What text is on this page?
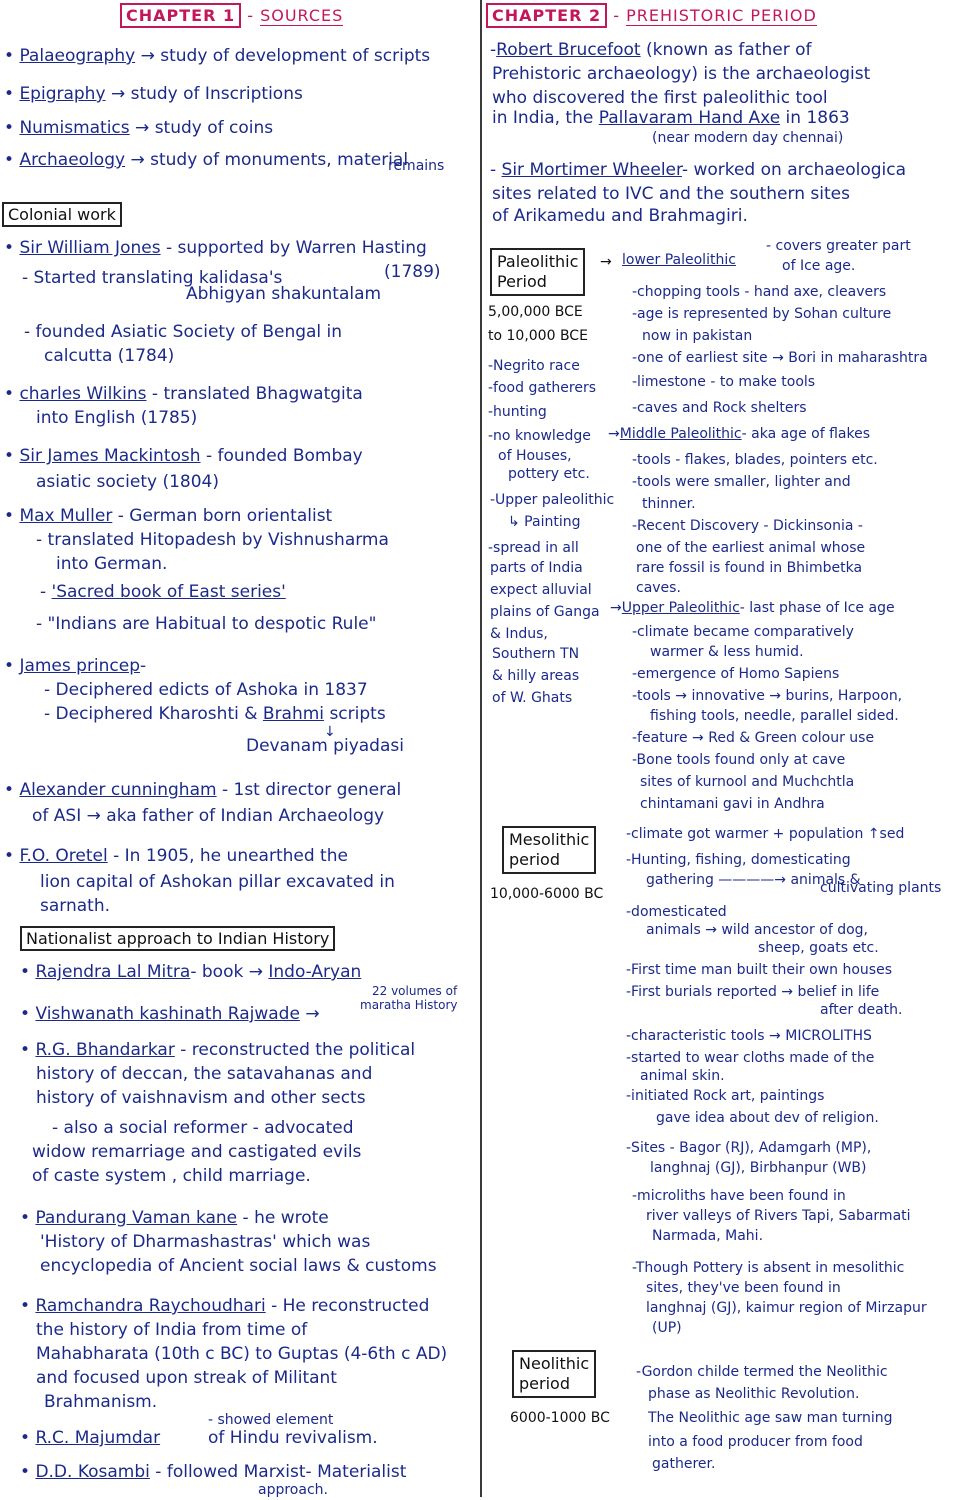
CHAPTER 1 - SOURCES
• Palaeography → study of development of scripts
• Epigraphy → study of Inscriptions
• Numismatics → study of coins
• Archaeology → study of monuments, material
remains
Colonial work
• Sir William Jones - supported by Warren Hasting
- Started translating kalidasa's	(1789)
Abhigyan shakuntalam
- founded Asiatic Society of Bengal in
calcutta (1784)
• charles Wilkins - translated Bhagwatgita
into English (1785)
• Sir James Mackintosh - founded Bombay
asiatic society (1804)
• Max Muller - German born orientalist
- translated Hitopadesh by Vishnusharma
into German.
- 'Sacred book of East series'
- "Indians are Habitual to despotic Rule"
• James princep-
- Deciphered edicts of Ashoka in 1837
- Deciphered Kharoshti & Brahmi scripts
↓
Devanam piyadasi
• Alexander cunningham - 1st director general
of ASI → aka father of Indian Archaeology
• F.O. Oretel - In 1905, he unearthed the
lion capital of Ashokan pillar excavated in
sarnath.
Nationalist approach to Indian History
• Rajendra Lal Mitra- book → Indo-Aryan
• Vishwanath kashinath Rajwade →
22 volumes of
maratha History
• R.G. Bhandarkar - reconstructed the political
history of deccan, the satavahanas and
history of vaishnavism and other sects
- also a social reformer - advocated
widow remarriage and castigated evils
of caste system , child marriage.
• Pandurang Vaman kane - he wrote
'History of Dharmashastras' which was
encyclopedia of Ancient social laws & customs
• Ramchandra Raychoudhari - He reconstructed
the history of India from time of
Mahabharata (10th c BC) to Guptas (4-6th c AD)
and focused upon streak of Militant
Brahmanism.
• R.C. Majumdar
- showed element
of Hindu revivalism.
• D.D. Kosambi - followed Marxist- Materialist
approach.
CHAPTER 2 - PREHISTORIC PERIOD
-Robert Brucefoot (known as father of
Prehistoric archaeology) is the archaeologist
who discovered the first paleolithic tool
in India, the Pallavaram Hand Axe in 1863
(near modern day chennai)
- Sir Mortimer Wheeler- worked on archaeologica
sites related to IVC and the southern sites
of Arikamedu and Brahmagiri.
Paleolithic
Period
→
5,00,000 BCE
to 10,000 BCE
-Negrito race
-food gatherers
-hunting
-no knowledge
of Houses,
pottery etc.
-Upper paleolithic
↳ Painting
-spread in all
parts of India
expect alluvial
plains of Ganga
& Indus,
Southern TN
& hilly areas
of W. Ghats
lower Paleolithic
- covers greater part
of Ice age.
-chopping tools - hand axe, cleavers
-age is represented by Sohan culture
now in pakistan
-one of earliest site → Bori in maharashtra
-limestone - to make tools
-caves and Rock shelters
→Middle Paleolithic- aka age of flakes
-tools - flakes, blades, pointers etc.
-tools were smaller, lighter and
thinner.
-Recent Discovery - Dickinsonia -
one of the earliest animal whose
rare fossil is found in Bhimbetka
caves.
→Upper Paleolithic- last phase of Ice age
-climate became comparatively
warmer & less humid.
-emergence of Homo Sapiens
-tools → innovative → burins, Harpoon,
fishing tools, needle, parallel sided.
-feature → Red & Green colour use
-Bone tools found only at cave
sites of kurnool and Muchchtla
chintamani gavi in Andhra
Mesolithic
period
10,000-6000 BC
-climate got warmer + population ↑sed
-Hunting, fishing, domesticating
gathering ————→ animals &
cultivating plants
-domesticated
animals → wild ancestor of dog,
sheep, goats etc.
-First time man built their own houses
-First burials reported → belief in life
after death.
-characteristic tools → MICROLITHS
-started to wear cloths made of the
animal skin.
-initiated Rock art, paintings
gave idea about dev of religion.
-Sites - Bagor (RJ), Adamgarh (MP),
langhnaj (GJ), Birbhanpur (WB)
-microliths have been found in
river valleys of Rivers Tapi, Sabarmati
Narmada, Mahi.
-Though Pottery is absent in mesolithic
sites, they've been found in
langhnaj (GJ), kaimur region of Mirzapur
(UP)
Neolithic
period
6000-1000 BC
-Gordon childe termed the Neolithic
phase as Neolithic Revolution.
The Neolithic age saw man turning
into a food producer from food
gatherer.
